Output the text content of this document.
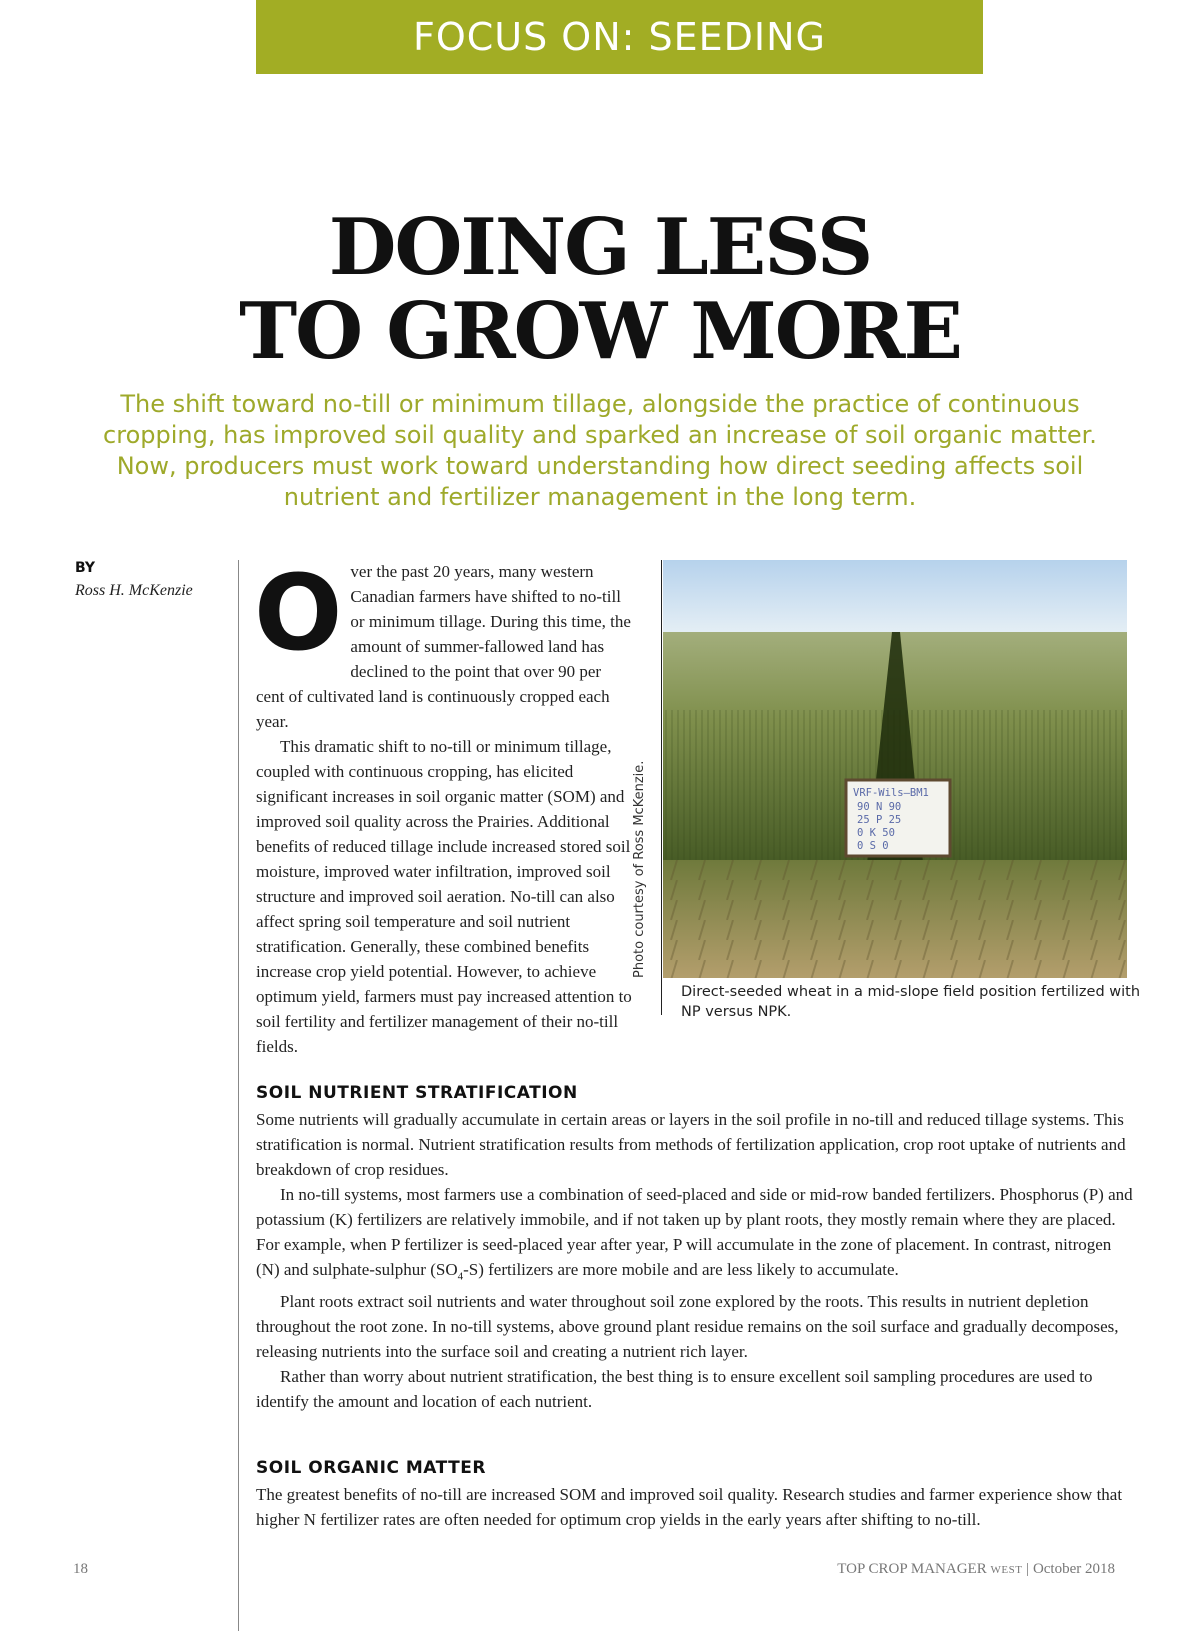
FOCUS ON: SEEDING
DOING LESS
TO GROW MORE
The shift toward no-till or minimum tillage, alongside the practice of continuous cropping, has improved soil quality and sparked an increase of soil organic matter. Now, producers must work toward understanding how direct seeding affects soil nutrient and fertilizer management in the long term.
BY
Ross H. McKenzie O ver the past 20 years, many western Canadian farmers have shifted to no-till or minimum tillage. During this time, the amount of summer-fallowed land has declined to the point that over 90 per cent of cultivated land is continuously cropped each year.

This dramatic shift to no-till or minimum tillage, coupled with continuous cropping, has elicited significant increases in soil organic matter (SOM) and improved soil quality across the Prairies. Additional benefits of reduced tillage include increased stored soil moisture, improved water infiltration, improved soil structure and improved soil aeration. No-till can also affect spring soil temperature and soil nutrient stratification. Generally, these combined benefits increase crop yield potential. However, to achieve optimum yield, farmers must pay increased attention to soil fertility and fertilizer management of their no-till fields.

Photo courtesy of Ross McKenzie.	VRF-Wils—BM1
90 N 90
25 P 25
0 K 50
0 S 0
Direct-seeded wheat in a mid-slope field position fertilized with NP versus NPK.
SOIL NUTRIENT STRATIFICATION

Some nutrients will gradually accumulate in certain areas or layers in the soil profile in no-till and reduced tillage systems. This stratification is normal. Nutrient stratification results from methods of fertilization application, crop root uptake of nutrients and breakdown of crop residues.

In no-till systems, most farmers use a combination of seed-placed and side or mid-row banded fertilizers. Phosphorus (P) and potassium (K) fertilizers are relatively immobile, and if not taken up by plant roots, they mostly remain where they are placed. For example, when P fertilizer is seed-placed year after year, P will accumulate in the zone of placement. In contrast, nitrogen (N) and sulphate-sulphur $(SO_4-S)$ fertilizers are more mobile and are less likely to accumulate.

Plant roots extract soil nutrients and water throughout soil zone explored by the roots. This results in nutrient depletion throughout the root zone. In no-till systems, above ground plant residue remains on the soil surface and gradually decomposes, releasing nutrients into the surface soil and creating a nutrient rich layer.

Rather than worry about nutrient stratification, the best thing is to ensure excellent soil sampling procedures are used to identify the amount and location of each nutrient.

SOIL ORGANIC MATTER

The greatest benefits of no-till are increased SOM and improved soil quality. Research studies and farmer experience show that higher N fertilizer rates are often needed for optimum crop yields in the early years after shifting to no-till.

18	TOP CROP MANAGER WEST | October 2018
